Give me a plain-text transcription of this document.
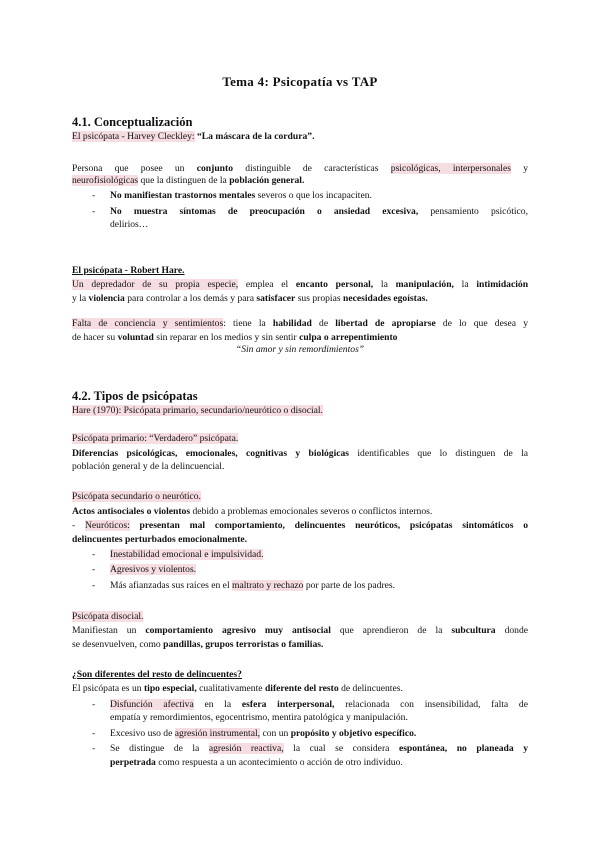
Tema 4: Psicopatía vs TAP
4.1. Conceptualización
El psicópata - Harvey Cleckley: “La máscara de la cordura”.
Persona que posee un conjunto distinguible de características psicológicas, interpersonales y
neurofisiológicas que la distinguen de la población general.
- No manifiestan trastornos mentales severos o que los incapaciten.
- No muestra síntomas de preocupación o ansiedad excesiva, pensamiento psicótico,
delirios…
El psicópata - Robert Hare.
Un depredador de su propia especie, emplea el encanto personal, la manipulación, la intimidación
y la violencia para controlar a los demás y para satisfacer sus propias necesidades egoístas.
Falta de conciencia y sentimientos: tiene la habilidad de libertad de apropiarse de lo que desea y
de hacer su voluntad sin reparar en los medios y sin sentir culpa o arrepentimiento
“Sin amor y sin remordimientos”
4.2. Tipos de psicópatas
Hare (1970): Psicópata primario, secundario/neurótico o disocial.
Psicópata primario: “Verdadero” psicópata.
Diferencias psicológicas, emocionales, cognitivas y biológicas identificables que lo distinguen de la
población general y de la delincuencial.
Psicópata secundario o neurótico.
Actos antisociales o violentos debido a problemas emocionales severos o conflictos internos.
- Neuróticos: presentan mal comportamiento, delincuentes neuróticos, psicópatas sintomáticos o
delincuentes perturbados emocionalmente.
- Inestabilidad emocional e impulsividad.
- Agresivos y violentos.
- Más afianzadas sus raíces en el maltrato y rechazo por parte de los padres.
Psicópata disocial.
Manifiestan un comportamiento agresivo muy antisocial que aprendieron de la subcultura donde
se desenvuelven, como pandillas, grupos terroristas o familias.
¿Son diferentes del resto de delincuentes?
El psicópata es un tipo especial, cualitativamente diferente del resto de delincuentes.
- Disfunción afectiva en la esfera interpersonal, relacionada con insensibilidad, falta de
empatía y remordimientos, egocentrismo, mentira patológica y manipulación.
- Excesivo uso de agresión instrumental, con un propósito y objetivo específico.
- Se distingue de la agresión reactiva, la cual se considera espontánea, no planeada y
perpetrada como respuesta a un acontecimiento o acción de otro individuo.
